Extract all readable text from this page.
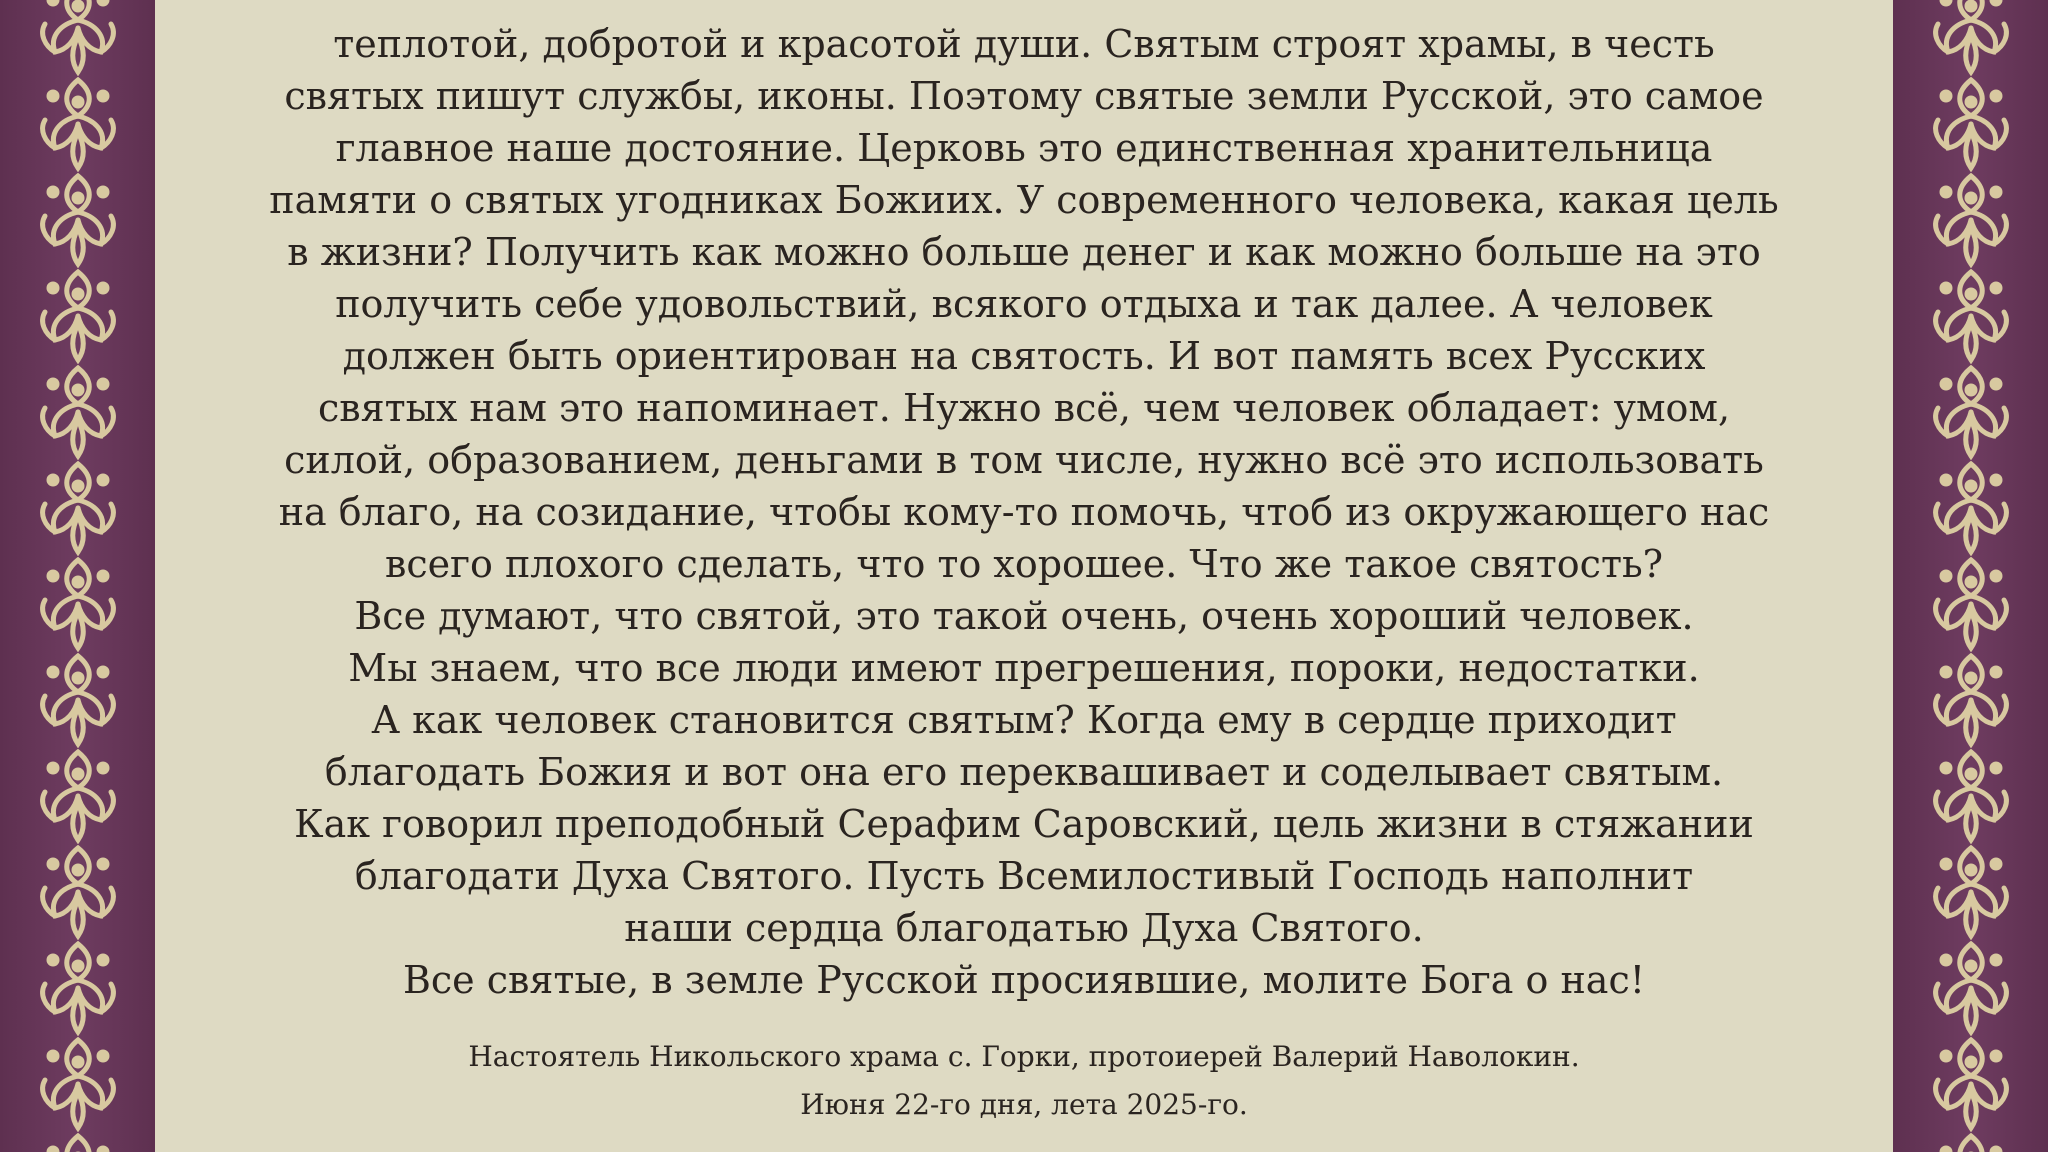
теплотой, добротой и красотой души. Святым строят храмы, в честь
святых пишут службы, иконы. Поэтому святые земли Русской, это самое
главное наше достояние. Церковь это единственная хранительница
памяти о святых угодниках Божиих. У современного человека, какая цель
в жизни? Получить как можно больше денег и как можно больше на это
получить себе удовольствий, всякого отдыха и так далее. А человек
должен быть ориентирован на святость. И вот память всех Русских
святых нам это напоминает. Нужно всё, чем человек обладает: умом,
силой, образованием, деньгами в том числе, нужно всё это использовать
на благо, на созидание, чтобы кому-то помочь, чтоб из окружающего нас
всего плохого сделать, что то хорошее. Что же такое святость?
Все думают, что святой, это такой очень, очень хороший человек.
Мы знаем, что все люди имеют прегрешения, пороки, недостатки.
А как человек становится святым? Когда ему в сердце приходит
благодать Божия и вот она его переквашивает и соделывает святым.
Как говорил преподобный Серафим Саровский, цель жизни в стяжании
благодати Духа Святого. Пусть Всемилостивый Господь наполнит
наши сердца благодатью Духа Святого.
Все святые, в земле Русской просиявшие, молите Бога о нас!
Настоятель Никольского храма с. Горки, протоиерей Валерий Наволокин.
Июня 22-го дня, лета 2025-го.
